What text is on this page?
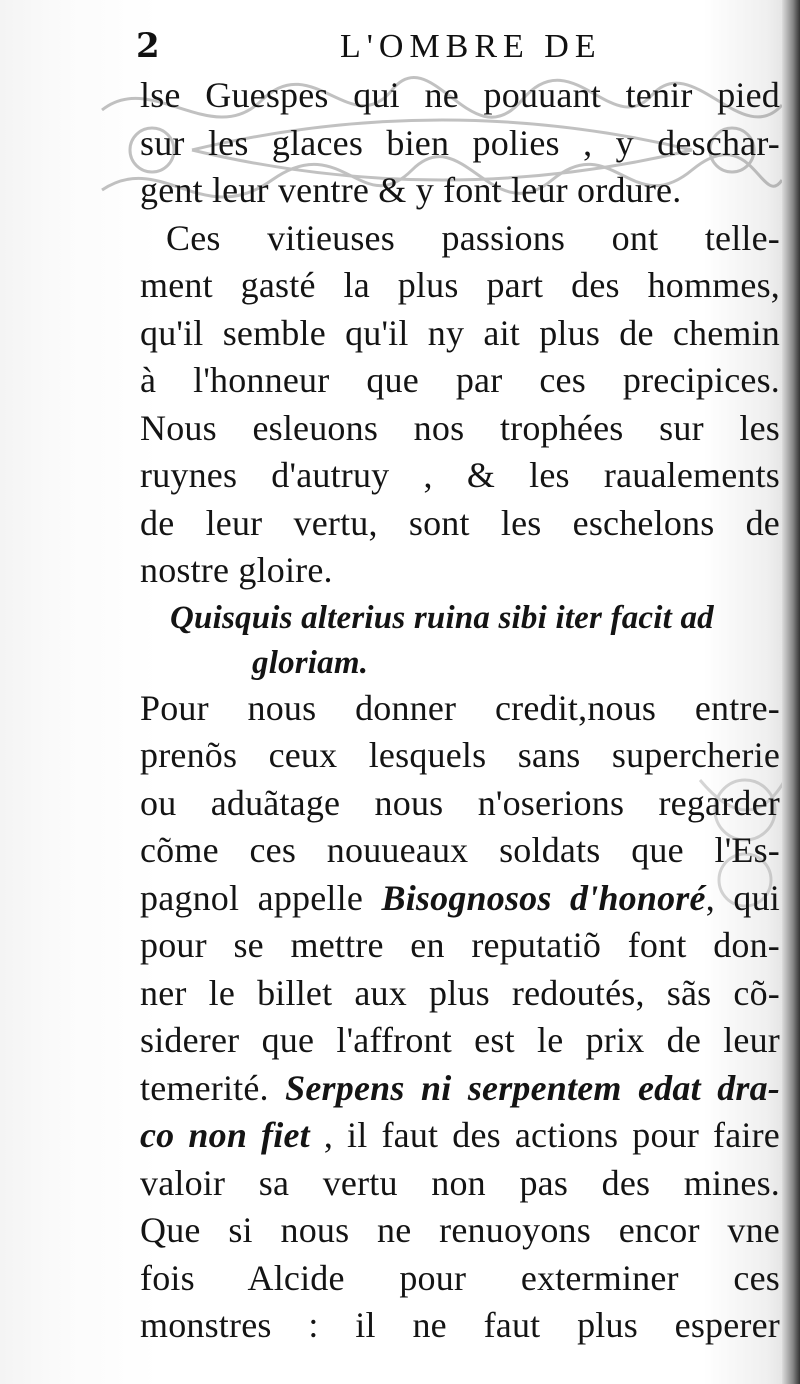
2	L'OMBRE DE
lse Guespes qui ne pouuant tenir pied
sur les glaces bien polies , y deschar-
gent leur ventre & y font leur ordure.
Ces vitieuses passions ont telle-
ment gasté la plus part des hommes,
qu'il semble qu'il ny ait plus de chemin
à l'honneur que par ces precipices.
Nous esleuons nos trophées sur les
ruynes d'autruy , & les raualements
de leur vertu, sont les eschelons de
nostre gloire.
Quisquis alterius ruina sibi iter facit ad
gloriam.
Pour nous donner credit,nous entre-
prenõs ceux lesquels sans supercherie
ou aduãtage nous n'oserions regarder
cõme ces nouueaux soldats que l'Es-
pagnol appelle Bisognosos d'honoré, qui
pour se mettre en reputatiõ font don-
ner le billet aux plus redoutés, sãs cõ-
siderer que l'affront est le prix de leur
temerité. Serpens ni serpentem edat dra-
co non fiet , il faut des actions pour faire
valoir sa vertu non pas des mines.
Que si nous ne renuoyons encor vne
fois Alcide pour exterminer ces
monstres : il ne faut plus esperer
